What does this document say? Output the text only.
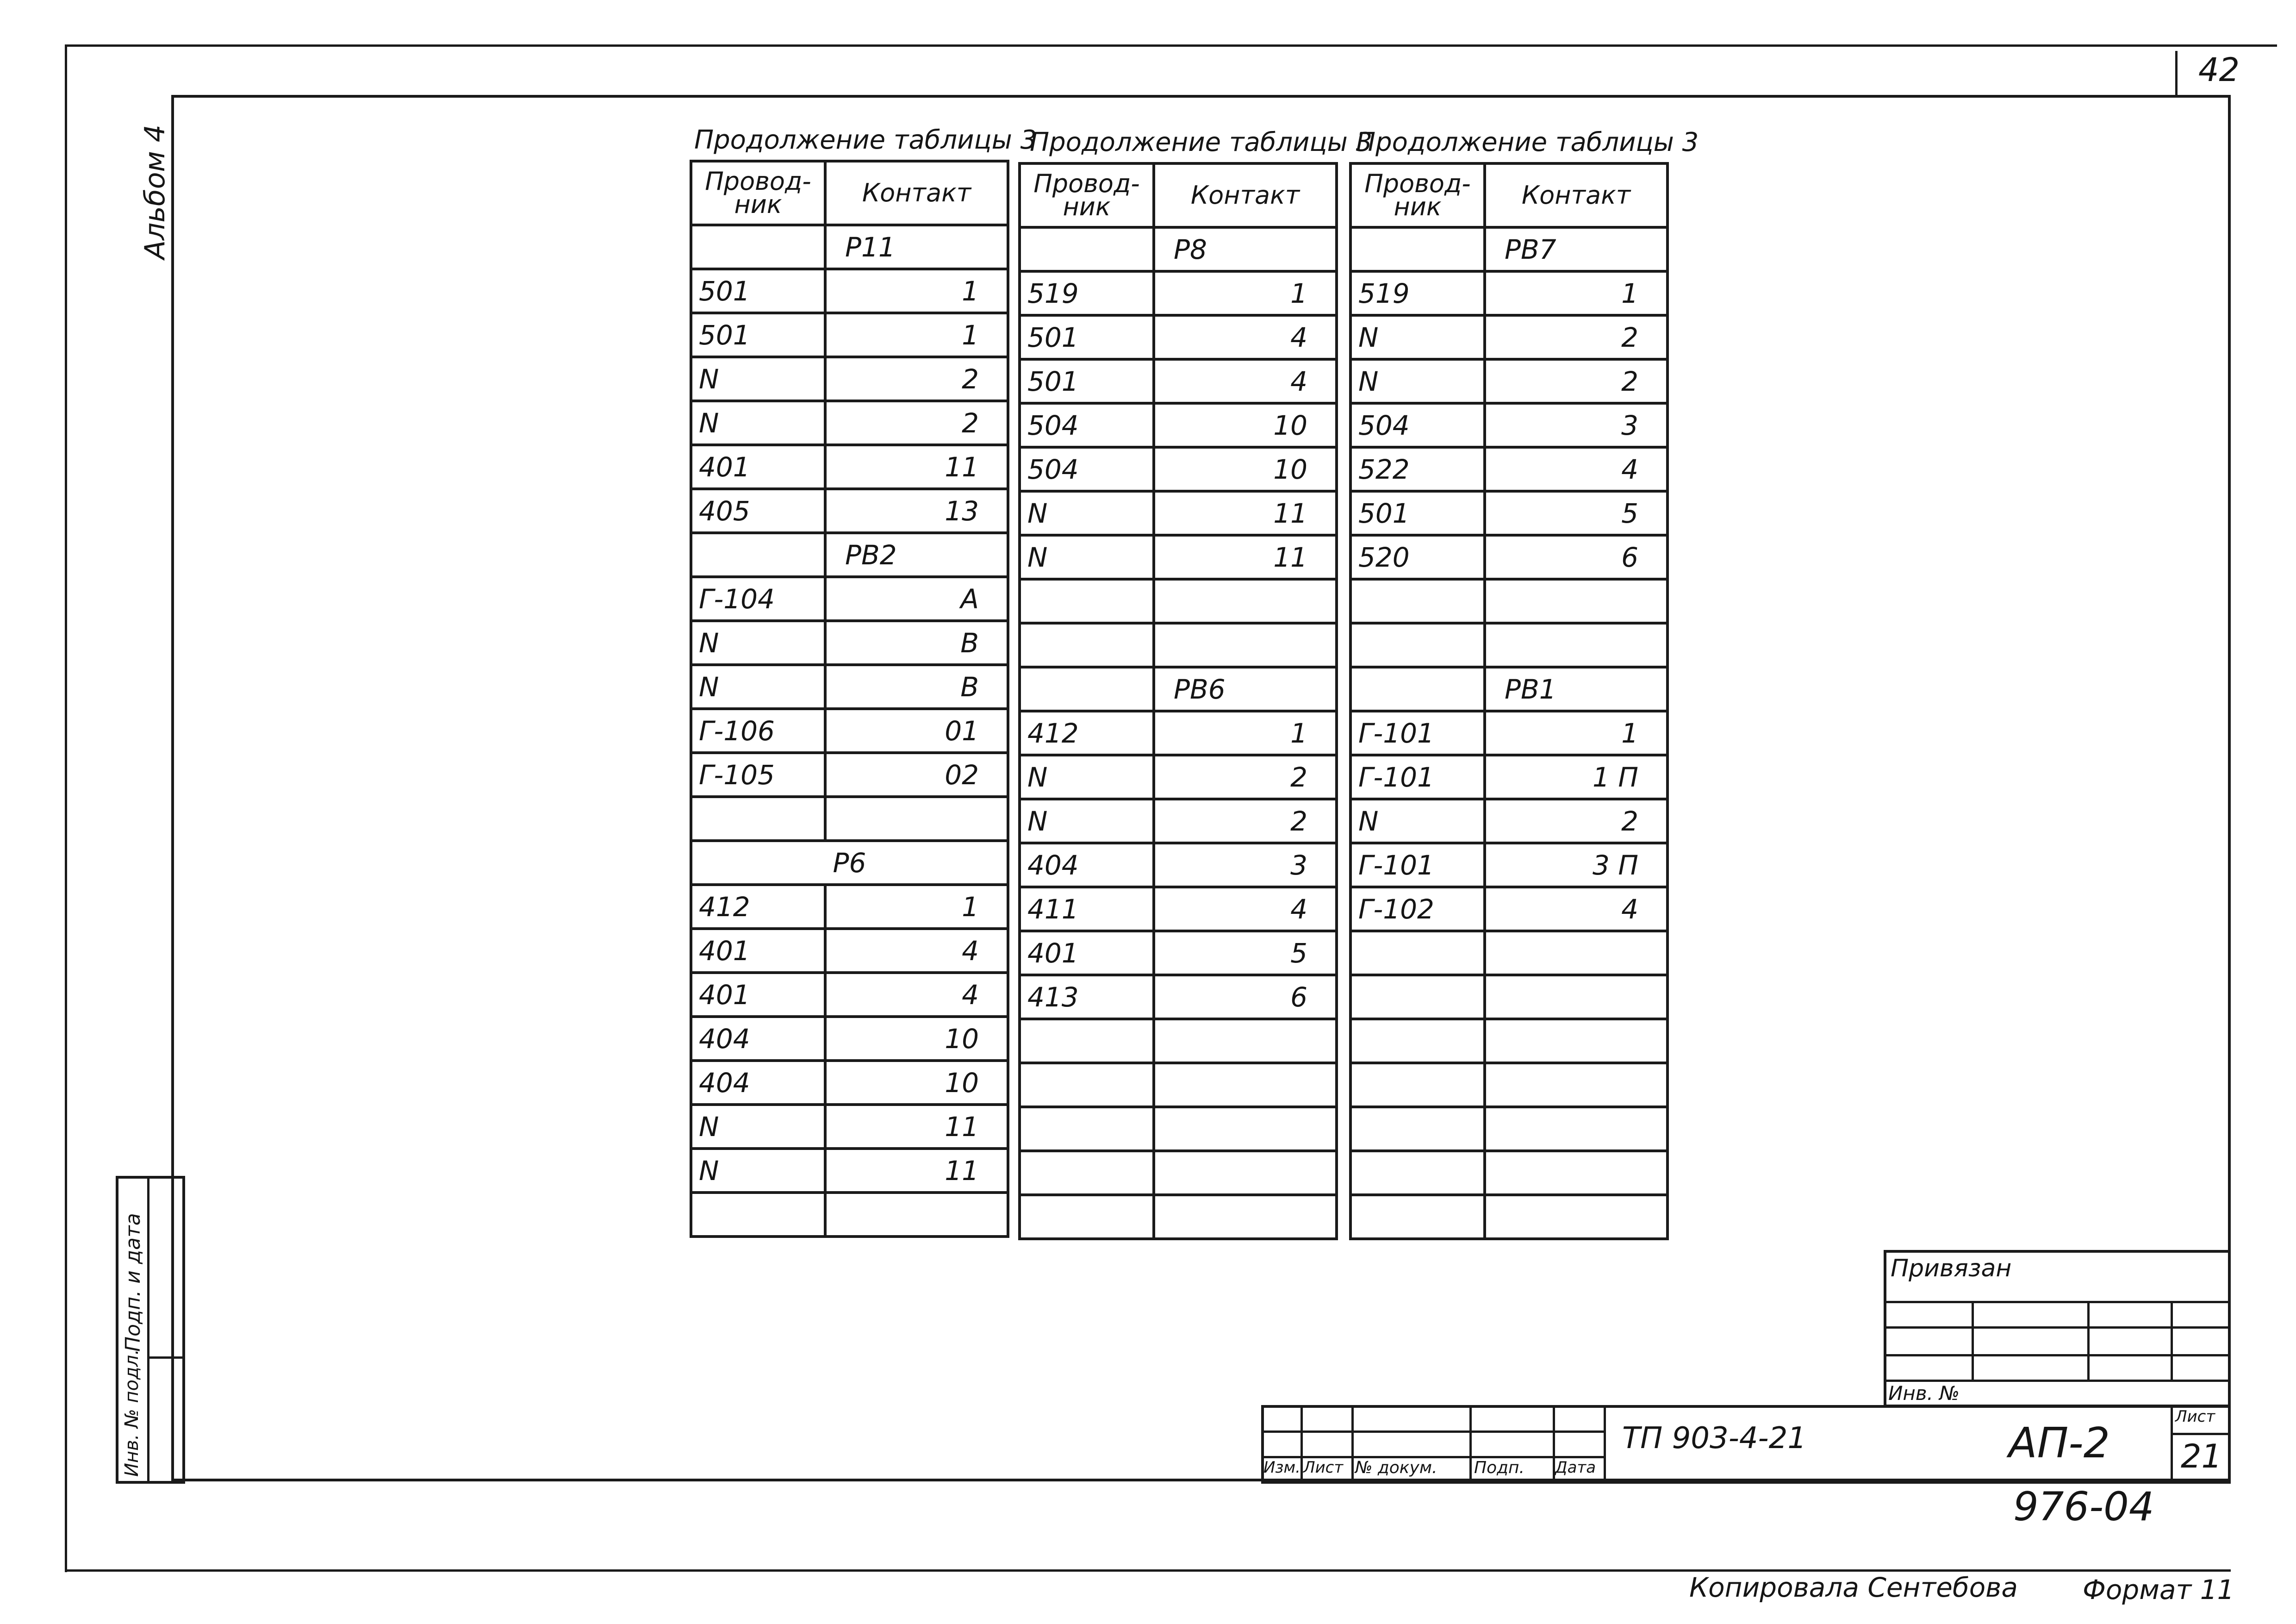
42
Альбом 4	Продолжение таблицы 3
Провод-
ник	Контакт
	Р11
501	1
501	1
N	2
N	2
401	11
405	13
	РВ2
Г-104	А
N	В
N	В
Г-106	01
Г-105	02

Р6	
412	1
401	4
401	4
404	10
404	10
N	11
N	11

Продолжение таблицы 3
Провод-
ник	Контакт
	Р8
519	1
501	4
501	4
504	10
504	10
N	11
N	11

	РВ6
412	1
N	2
N	2
404	3
411	4
401	5
413	6

Продолжение таблицы 3
Провод-
ник	Контакт
	РВ7
519	1
N	2
N	2
504	3
522	4
501	5
520	6

	РВ1
Г-101	1
Г-101	1 П
N	2
Г-101	3 П
Г-102	4

Подп. и дата
Инв. № подл.
Привязан
Инв. №
Изм. Лист № докум. Подп. Дата
ТП 903-4-21	АП-2
Лист
21
976-04
Копировала Сентебова Формат 11
